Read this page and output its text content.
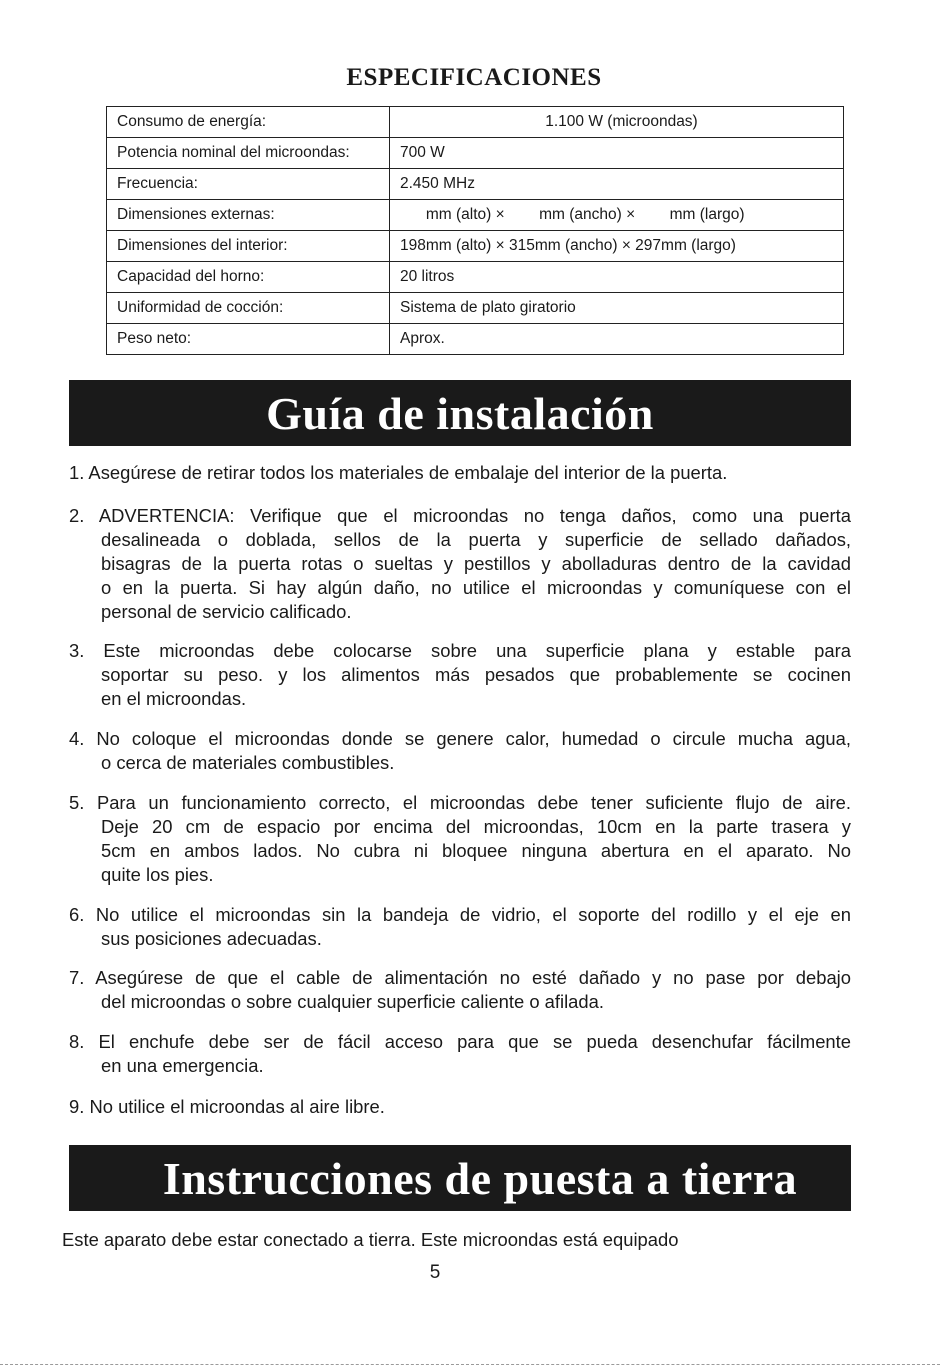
ESPECIFICACIONES
Consumo de energía:	1.100 W (microondas)
Potencia nominal del microondas:	700 W
Frecuencia:	2.450 MHz
Dimensiones externas:	mm (alto) ×        mm (ancho) ×        mm (largo)
Dimensiones del interior:	198mm (alto) × 315mm (ancho) × 297mm (largo)
Capacidad del horno:	20 litros
Uniformidad de cocción:	Sistema de plato giratorio
Peso neto:	Aprox.
Guía de instalación
1. Asegúrese de retirar todos los materiales de embalaje del interior de la puerta.
2. ADVERTENCIA: Verifique que el microondas no tenga daños, como una puerta
desalineada o doblada, sellos de la puerta y superficie de sellado dañados,
bisagras de la puerta rotas o sueltas y pestillos y abolladuras dentro de la cavidad
o en la puerta. Si hay algún daño, no utilice el microondas y comuníquese con el
personal de servicio calificado.
3. Este microondas debe colocarse sobre una superficie plana y estable para
soportar su peso. y los alimentos más pesados que probablemente se cocinen
en el microondas.
4. No coloque el microondas donde se genere calor, humedad o circule mucha agua,
o cerca de materiales combustibles.
5. Para un funcionamiento correcto, el microondas debe tener suficiente flujo de aire.
Deje 20 cm de espacio por encima del microondas, 10cm en la parte trasera y
5cm en ambos lados. No cubra ni bloquee ninguna abertura en el aparato. No
quite los pies.
6. No utilice el microondas sin la bandeja de vidrio, el soporte del rodillo y el eje en
sus posiciones adecuadas.
7. Asegúrese de que el cable de alimentación no esté dañado y no pase por debajo
del microondas o sobre cualquier superficie caliente o afilada.
8. El enchufe debe ser de fácil acceso para que se pueda desenchufar fácilmente
en una emergencia.
9. No utilice el microondas al aire libre.
Instrucciones de puesta a tierra
Este aparato debe estar conectado a tierra. Este microondas está equipado
5
